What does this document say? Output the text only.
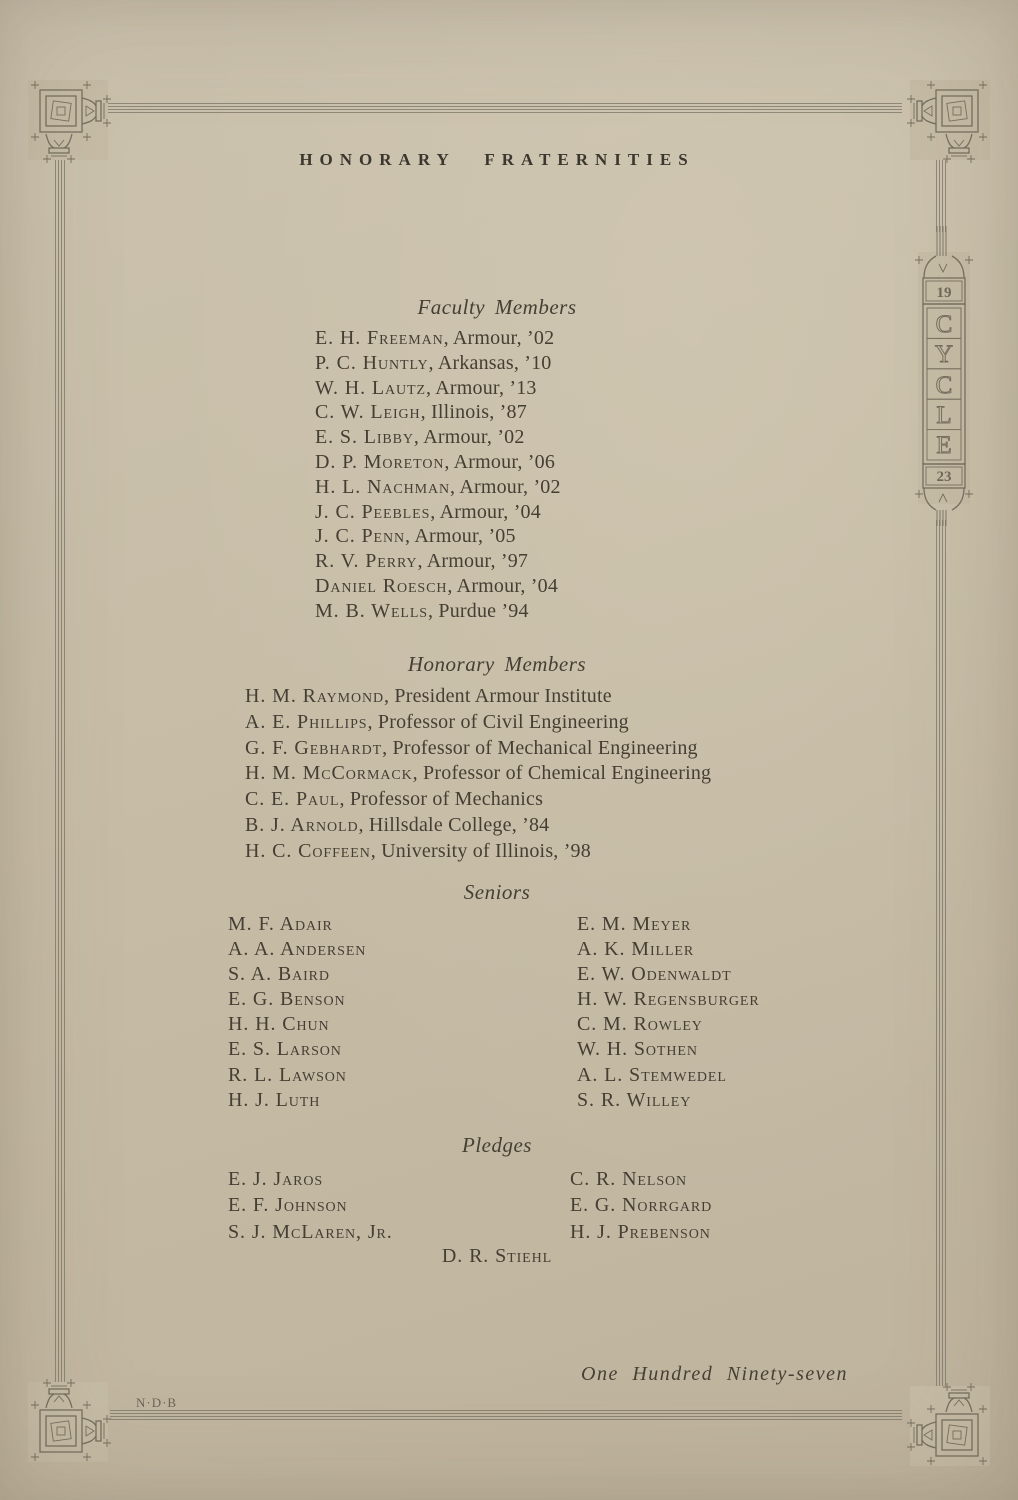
19
C
Y
C
L
E
23
HONORARY FRATERNITIES
Faculty Members
E. H. Freeman, Armour, ’02
P. C. Huntly, Arkansas, ’10
W. H. Lautz, Armour, ’13
C. W. Leigh, Illinois, ’87
E. S. Libby, Armour, ’02
D. P. Moreton, Armour, ’06
H. L. Nachman, Armour, ’02
J. C. Peebles, Armour, ’04
J. C. Penn, Armour, ’05
R. V. Perry, Armour, ’97
Daniel Roesch, Armour, ’04
M. B. Wells, Purdue ’94
Honorary Members
H. M. Raymond, President Armour Institute
A. E. Phillips, Professor of Civil Engineering
G. F. Gebhardt, Professor of Mechanical Engineering
H. M. McCormack, Professor of Chemical Engineering
C. E. Paul, Professor of Mechanics
B. J. Arnold, Hillsdale College, ’84
H. C. Coffeen, University of Illinois, ’98
Seniors
M. F. Adair
A. A. Andersen
S. A. Baird
E. G. Benson
H. H. Chun
E. S. Larson
R. L. Lawson
H. J. Luth
E. M. Meyer
A. K. Miller
E. W. Odenwaldt
H. W. Regensburger
C. M. Rowley
W. H. Sothen
A. L. Stemwedel
S. R. Willey
Pledges
E. J. Jaros
E. F. Johnson
S. J. McLaren, Jr.
C. R. Nelson
E. G. Norrgard
H. J. Prebenson
D. R. Stiehl
One Hundred Ninety-seven
N·D·B
